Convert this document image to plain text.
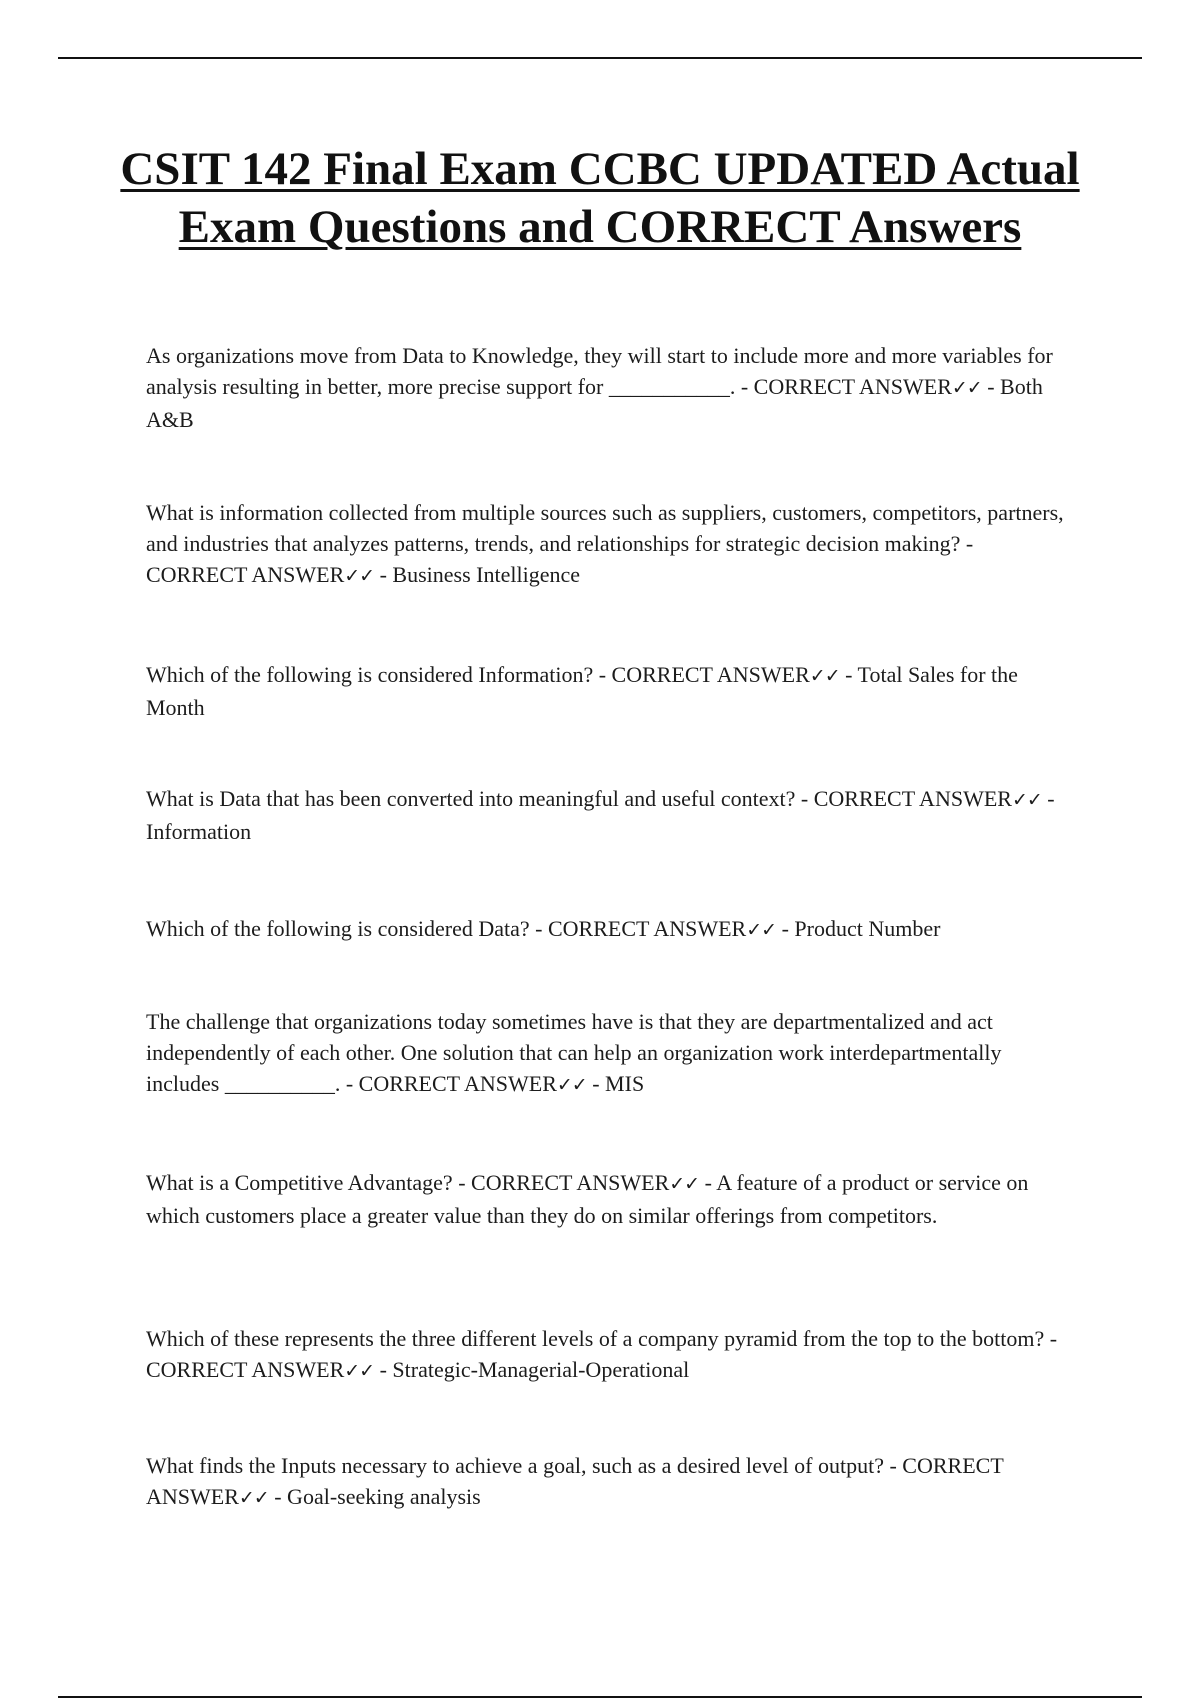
CSIT 142 Final Exam CCBC UPDATED Actual Exam Questions and CORRECT Answers

As organizations move from Data to Knowledge, they will start to include more and more variables for analysis resulting in better, more precise support for ___________. - CORRECT ANSWER✓✓ - Both A&B

What is information collected from multiple sources such as suppliers, customers, competitors, partners, and industries that analyzes patterns, trends, and relationships for strategic decision making? - CORRECT ANSWER✓✓ - Business Intelligence

Which of the following is considered Information? - CORRECT ANSWER✓✓ - Total Sales for the Month

What is Data that has been converted into meaningful and useful context? - CORRECT ANSWER✓✓ - Information

Which of the following is considered Data? - CORRECT ANSWER✓✓ - Product Number

The challenge that organizations today sometimes have is that they are departmentalized and act independently of each other. One solution that can help an organization work interdepartmentally includes __________. - CORRECT ANSWER✓✓ - MIS

What is a Competitive Advantage? - CORRECT ANSWER✓✓ - A feature of a product or service on which customers place a greater value than they do on similar offerings from competitors.

Which of these represents the three different levels of a company pyramid from the top to the bottom? - CORRECT ANSWER✓✓ - Strategic-Managerial-Operational

What finds the Inputs necessary to achieve a goal, such as a desired level of output? - CORRECT ANSWER✓✓ - Goal-seeking analysis
